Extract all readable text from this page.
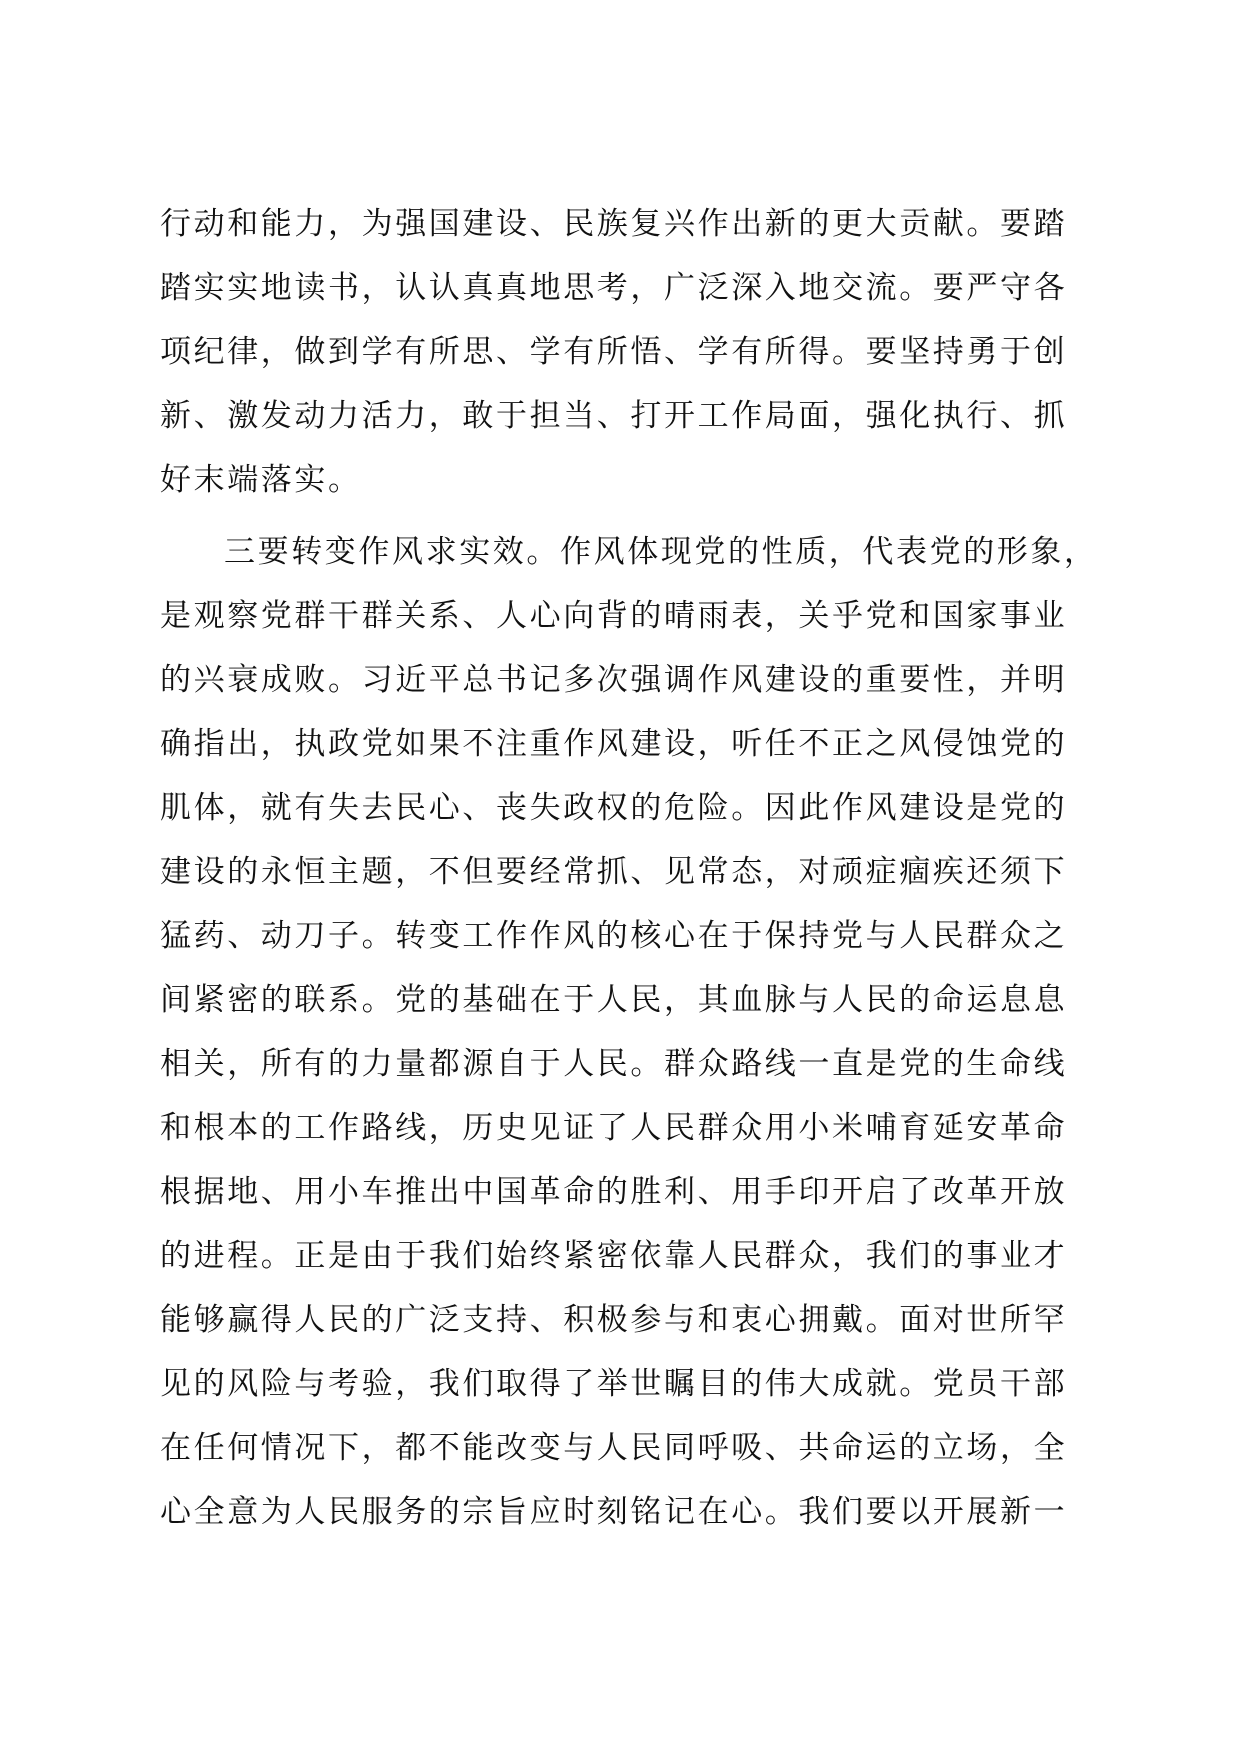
行动和能力，为强国建设、民族复兴作出新的更大贡献。要踏
踏实实地读书，认认真真地思考，广泛深入地交流。要严守各
项纪律，做到学有所思、学有所悟、学有所得。要坚持勇于创
新、激发动力活力，敢于担当、打开工作局面，强化执行、抓
好末端落实。
三要转变作风求实效。作风体现党的性质，代表党的形象，
是观察党群干群关系、人心向背的晴雨表，关乎党和国家事业
的兴衰成败。习近平总书记多次强调作风建设的重要性，并明
确指出，执政党如果不注重作风建设，听任不正之风侵蚀党的
肌体，就有失去民心、丧失政权的危险。因此作风建设是党的
建设的永恒主题，不但要经常抓、见常态，对顽症痼疾还须下
猛药、动刀子。转变工作作风的核心在于保持党与人民群众之
间紧密的联系。党的基础在于人民，其血脉与人民的命运息息
相关，所有的力量都源自于人民。群众路线一直是党的生命线
和根本的工作路线，历史见证了人民群众用小米哺育延安革命
根据地、用小车推出中国革命的胜利、用手印开启了改革开放
的进程。正是由于我们始终紧密依靠人民群众，我们的事业才
能够赢得人民的广泛支持、积极参与和衷心拥戴。面对世所罕
见的风险与考验，我们取得了举世瞩目的伟大成就。党员干部
在任何情况下，都不能改变与人民同呼吸、共命运的立场，全
心全意为人民服务的宗旨应时刻铭记在心。我们要以开展新一
